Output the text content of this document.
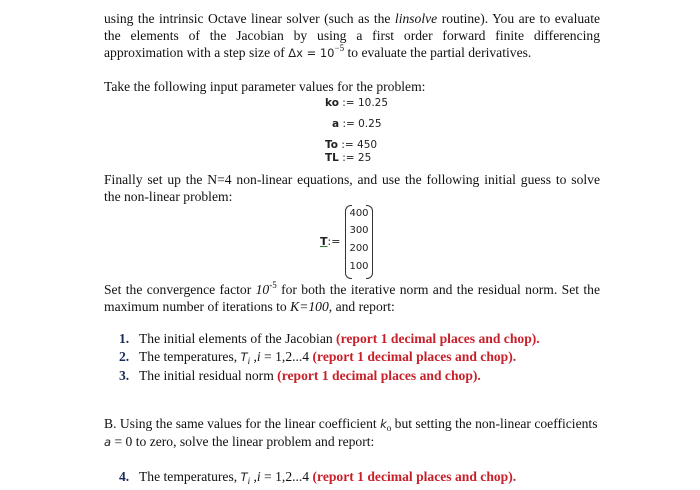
using the intrinsic Octave linear solver (such as the linsolve routine). You are to evaluate
the elements of the Jacobian by using a first order forward finite differencing
approximation with a step size of $\Delta x = 10^{-5}$ to evaluate the partial derivatives.
Take the following input parameter values for the problem:
ko := 10.25
a := 0.25
To := 450
TL := 25
Finally set up the N=4 non-linear equations, and use the following initial guess to solve
the non-linear problem:
T:=
400
300
200
100
Set the convergence factor $10^{-5}$ for both the iterative norm and the residual norm. Set the
maximum number of iterations to K=100, and report:
1. The initial elements of the Jacobian (report 1 decimal places and chop).
2. The temperatures, $T_i$ ,i = 1,2...4 (report 1 decimal places and chop).
3. The initial residual norm (report 1 decimal places and chop).
B. Using the same values for the linear coefficient $k_o$ but setting the non-linear coefficients
a = 0 to zero, solve the linear problem and report:
4. The temperatures, $T_i$ ,i = 1,2...4 (report 1 decimal places and chop).
